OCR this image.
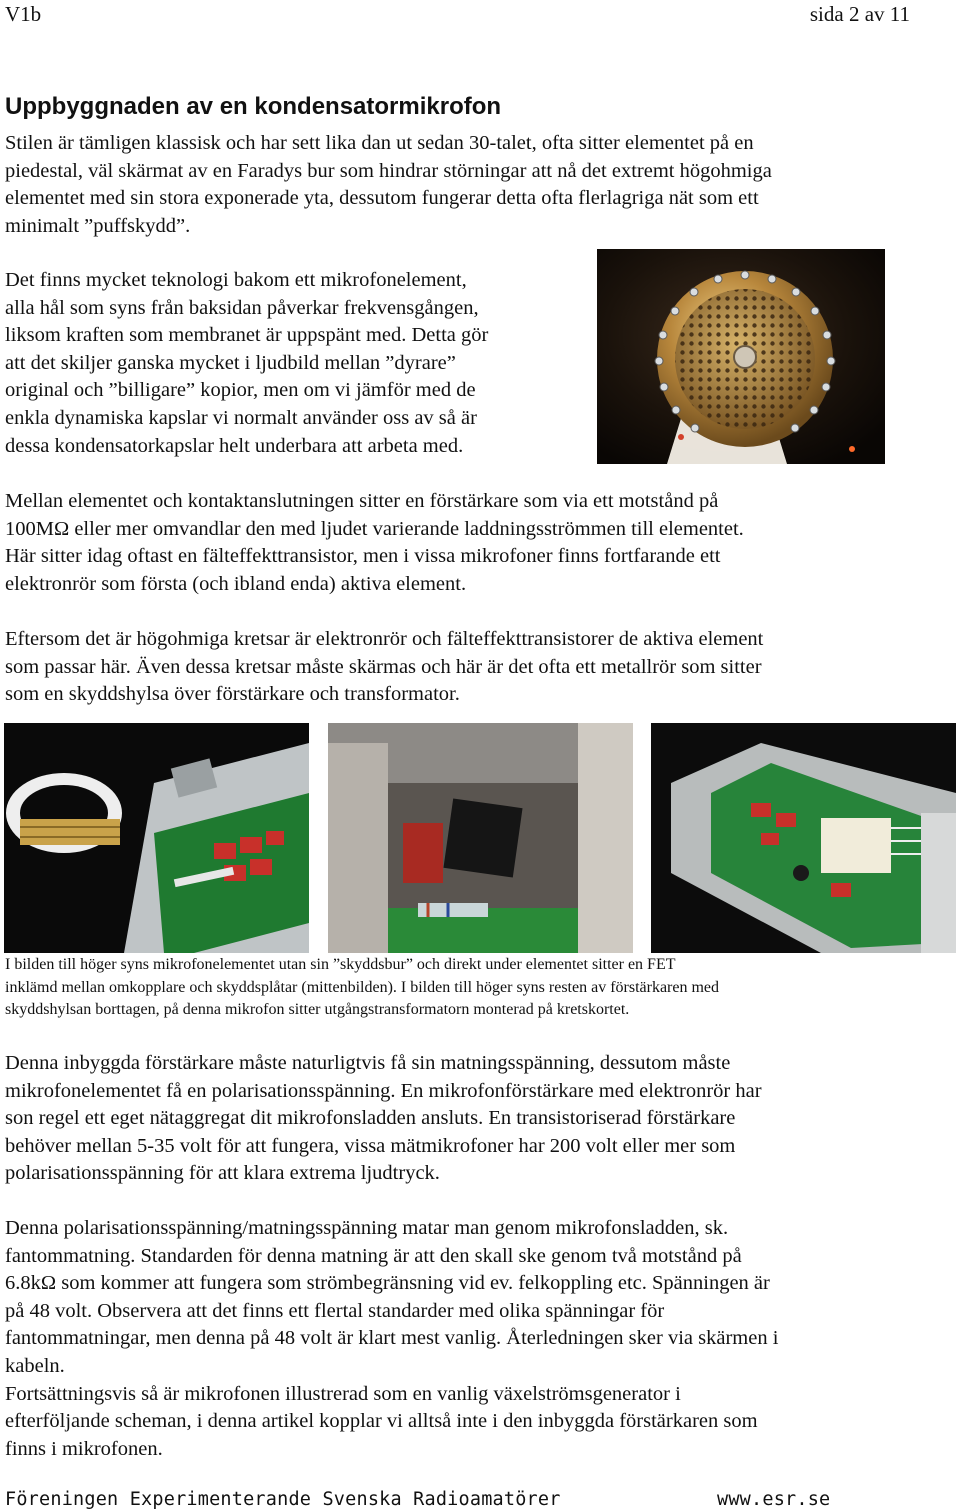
V1b	sida 2 av 11
Uppbyggnaden av en kondensatormikrofon

Stilen är tämligen klassisk och har sett lika dan ut sedan 30-talet, ofta sitter elementet på en
piedestal, väl skärmat av en Faradys bur som hindrar störningar att nå det extremt högohmiga
elementet med sin stora exponerade yta, dessutom fungerar detta ofta flerlagriga nät som ett
minimalt ”puffskydd”.

Det finns mycket teknologi bakom ett mikrofonelement,
alla hål som syns från baksidan påverkar frekvensgången,
liksom kraften som membranet är uppspänt med. Detta gör
att det skiljer ganska mycket i ljudbild mellan ”dyrare”
original och ”billigare” kopior, men om vi jämför med de
enkla dynamiska kapslar vi normalt använder oss av så är
dessa kondensatorkapslar helt underbara att arbeta med.

Mellan elementet och kontaktanslutningen sitter en förstärkare som via ett motstånd på
100MΩ eller mer omvandlar den med ljudet varierande laddningsströmmen till elementet.
Här sitter idag oftast en fälteffekttransistor, men i vissa mikrofoner finns fortfarande ett
elektronrör som första (och ibland enda) aktiva element.

Eftersom det är högohmiga kretsar är elektronrör och fälteffekttransistorer de aktiva element
som passar här. Även dessa kretsar måste skärmas och här är det ofta ett metallrör som sitter
som en skyddshylsa över förstärkare och transformator.

I bilden till höger syns mikrofonelementet utan sin ”skyddsbur” och direkt under elementet sitter en FET
inklämd mellan omkopplare och skyddsplåtar (mittenbilden). I bilden till höger syns resten av förstärkaren med
skyddshylsan borttagen, på denna mikrofon sitter utgångstransformatorn monterad på kretskortet.

Denna inbyggda förstärkare måste naturligtvis få sin matningsspänning, dessutom måste
mikrofonelementet få en polarisationsspänning. En mikrofonförstärkare med elektronrör har
son regel ett eget nätaggregat dit mikrofonsladden ansluts. En transistoriserad förstärkare
behöver mellan 5-35 volt för att fungera, vissa mätmikrofoner har 200 volt eller mer som
polarisationsspänning för att klara extrema ljudtryck.

Denna polarisationsspänning/matningsspänning matar man genom mikrofonsladden, sk.
fantommatning. Standarden för denna matning är att den skall ske genom två motstånd på
6.8kΩ som kommer att fungera som strömbegränsning vid ev. felkoppling etc. Spänningen är
på 48 volt. Observera att det finns ett flertal standarder med olika spänningar för
fantommatningar, men denna på 48 volt är klart mest vanlig. Återledningen sker via skärmen i
kabeln.
Fortsättningsvis så är mikrofonen illustrerad som en vanlig växelströmsgenerator i
efterföljande scheman, i denna artikel kopplar vi alltså inte i den inbyggda förstärkaren som
finns i mikrofonen.

Föreningen Experimenterande Svenska Radioamatörer	www.esr.se
